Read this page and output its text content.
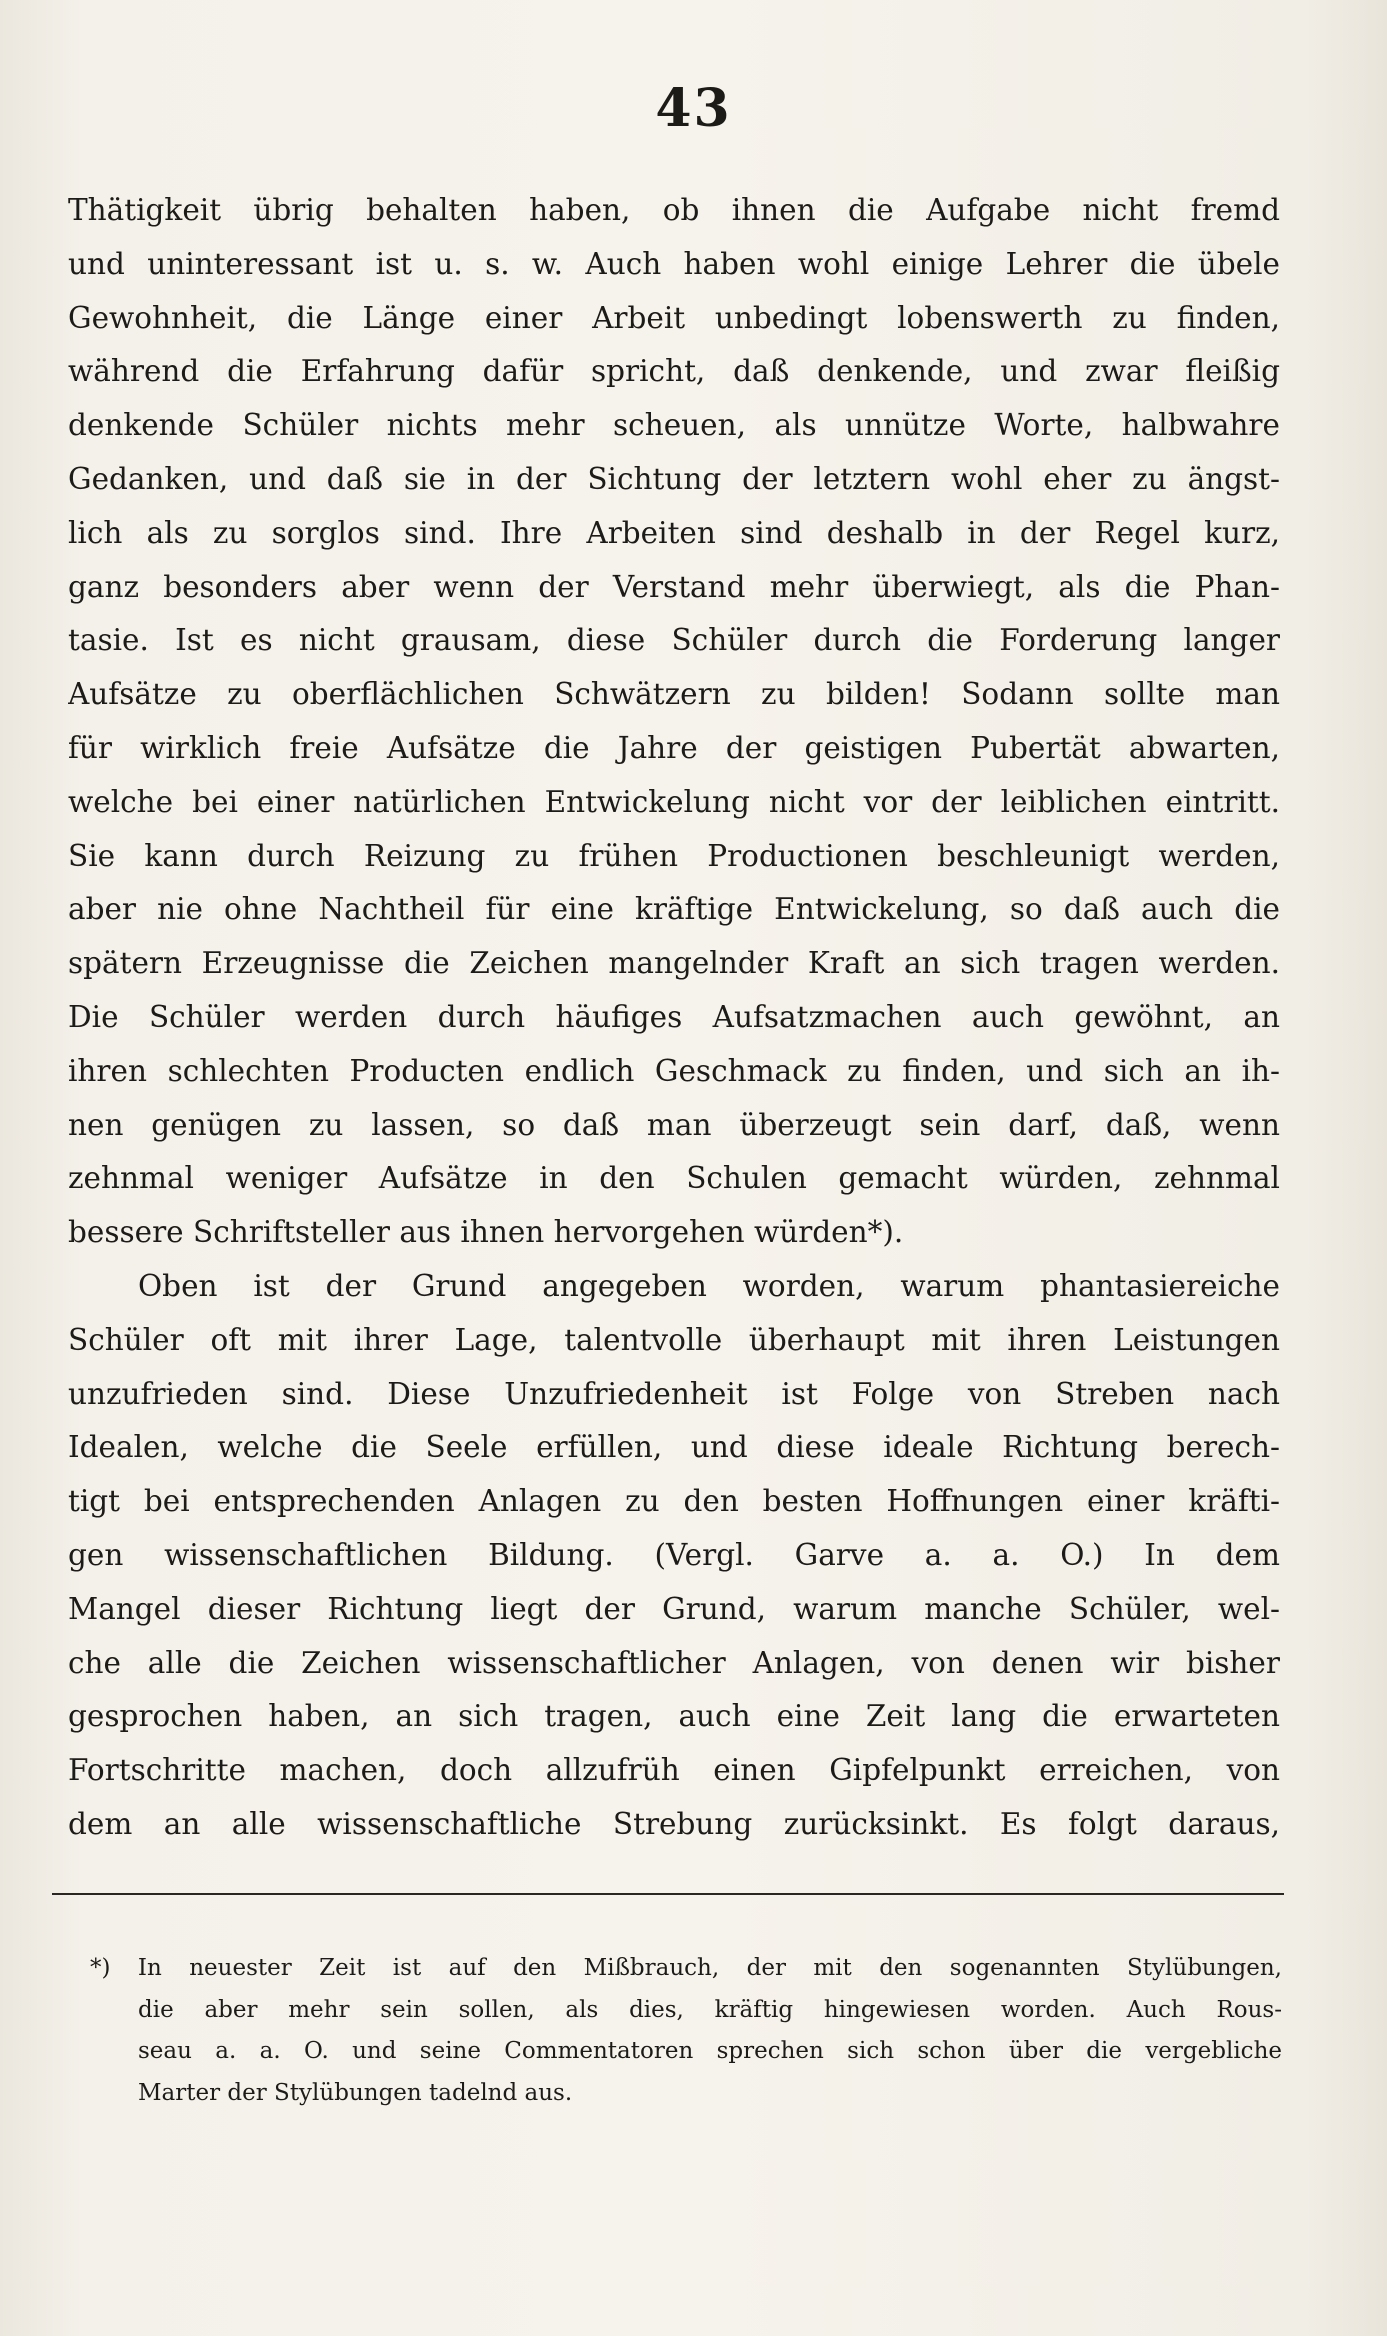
43
Thätigkeit übrig behalten haben, ob ihnen die Aufgabe nicht fremd
und uninteressant ist u. s. w. Auch haben wohl einige Lehrer die übele
Gewohnheit, die Länge einer Arbeit unbedingt lobenswerth zu finden,
während die Erfahrung dafür spricht, daß denkende, und zwar fleißig
denkende Schüler nichts mehr scheuen, als unnütze Worte, halbwahre
Gedanken, und daß sie in der Sichtung der letztern wohl eher zu ängst-
lich als zu sorglos sind. Ihre Arbeiten sind deshalb in der Regel kurz,
ganz besonders aber wenn der Verstand mehr überwiegt, als die Phan-
tasie. Ist es nicht grausam, diese Schüler durch die Forderung langer
Aufsätze zu oberflächlichen Schwätzern zu bilden! Sodann sollte man
für wirklich freie Aufsätze die Jahre der geistigen Pubertät abwarten,
welche bei einer natürlichen Entwickelung nicht vor der leiblichen eintritt.
Sie kann durch Reizung zu frühen Productionen beschleunigt werden,
aber nie ohne Nachtheil für eine kräftige Entwickelung, so daß auch die
spätern Erzeugnisse die Zeichen mangelnder Kraft an sich tragen werden.
Die Schüler werden durch häufiges Aufsatzmachen auch gewöhnt, an
ihren schlechten Producten endlich Geschmack zu finden, und sich an ih-
nen genügen zu lassen, so daß man überzeugt sein darf, daß, wenn
zehnmal weniger Aufsätze in den Schulen gemacht würden, zehnmal
bessere Schriftsteller aus ihnen hervorgehen würden*).
Oben ist der Grund angegeben worden, warum phantasiereiche
Schüler oft mit ihrer Lage, talentvolle überhaupt mit ihren Leistungen
unzufrieden sind. Diese Unzufriedenheit ist Folge von Streben nach
Idealen, welche die Seele erfüllen, und diese ideale Richtung berech-
tigt bei entsprechenden Anlagen zu den besten Hoffnungen einer kräfti-
gen wissenschaftlichen Bildung. (Vergl. Garve a. a. O.) In dem
Mangel dieser Richtung liegt der Grund, warum manche Schüler, wel-
che alle die Zeichen wissenschaftlicher Anlagen, von denen wir bisher
gesprochen haben, an sich tragen, auch eine Zeit lang die erwarteten
Fortschritte machen, doch allzufrüh einen Gipfelpunkt erreichen, von
dem an alle wissenschaftliche Strebung zurücksinkt. Es folgt daraus,
*) In neuester Zeit ist auf den Mißbrauch, der mit den sogenannten Stylübungen,
die aber mehr sein sollen, als dies, kräftig hingewiesen worden. Auch Rous-
seau a. a. O. und seine Commentatoren sprechen sich schon über die vergebliche
Marter der Stylübungen tadelnd aus.
